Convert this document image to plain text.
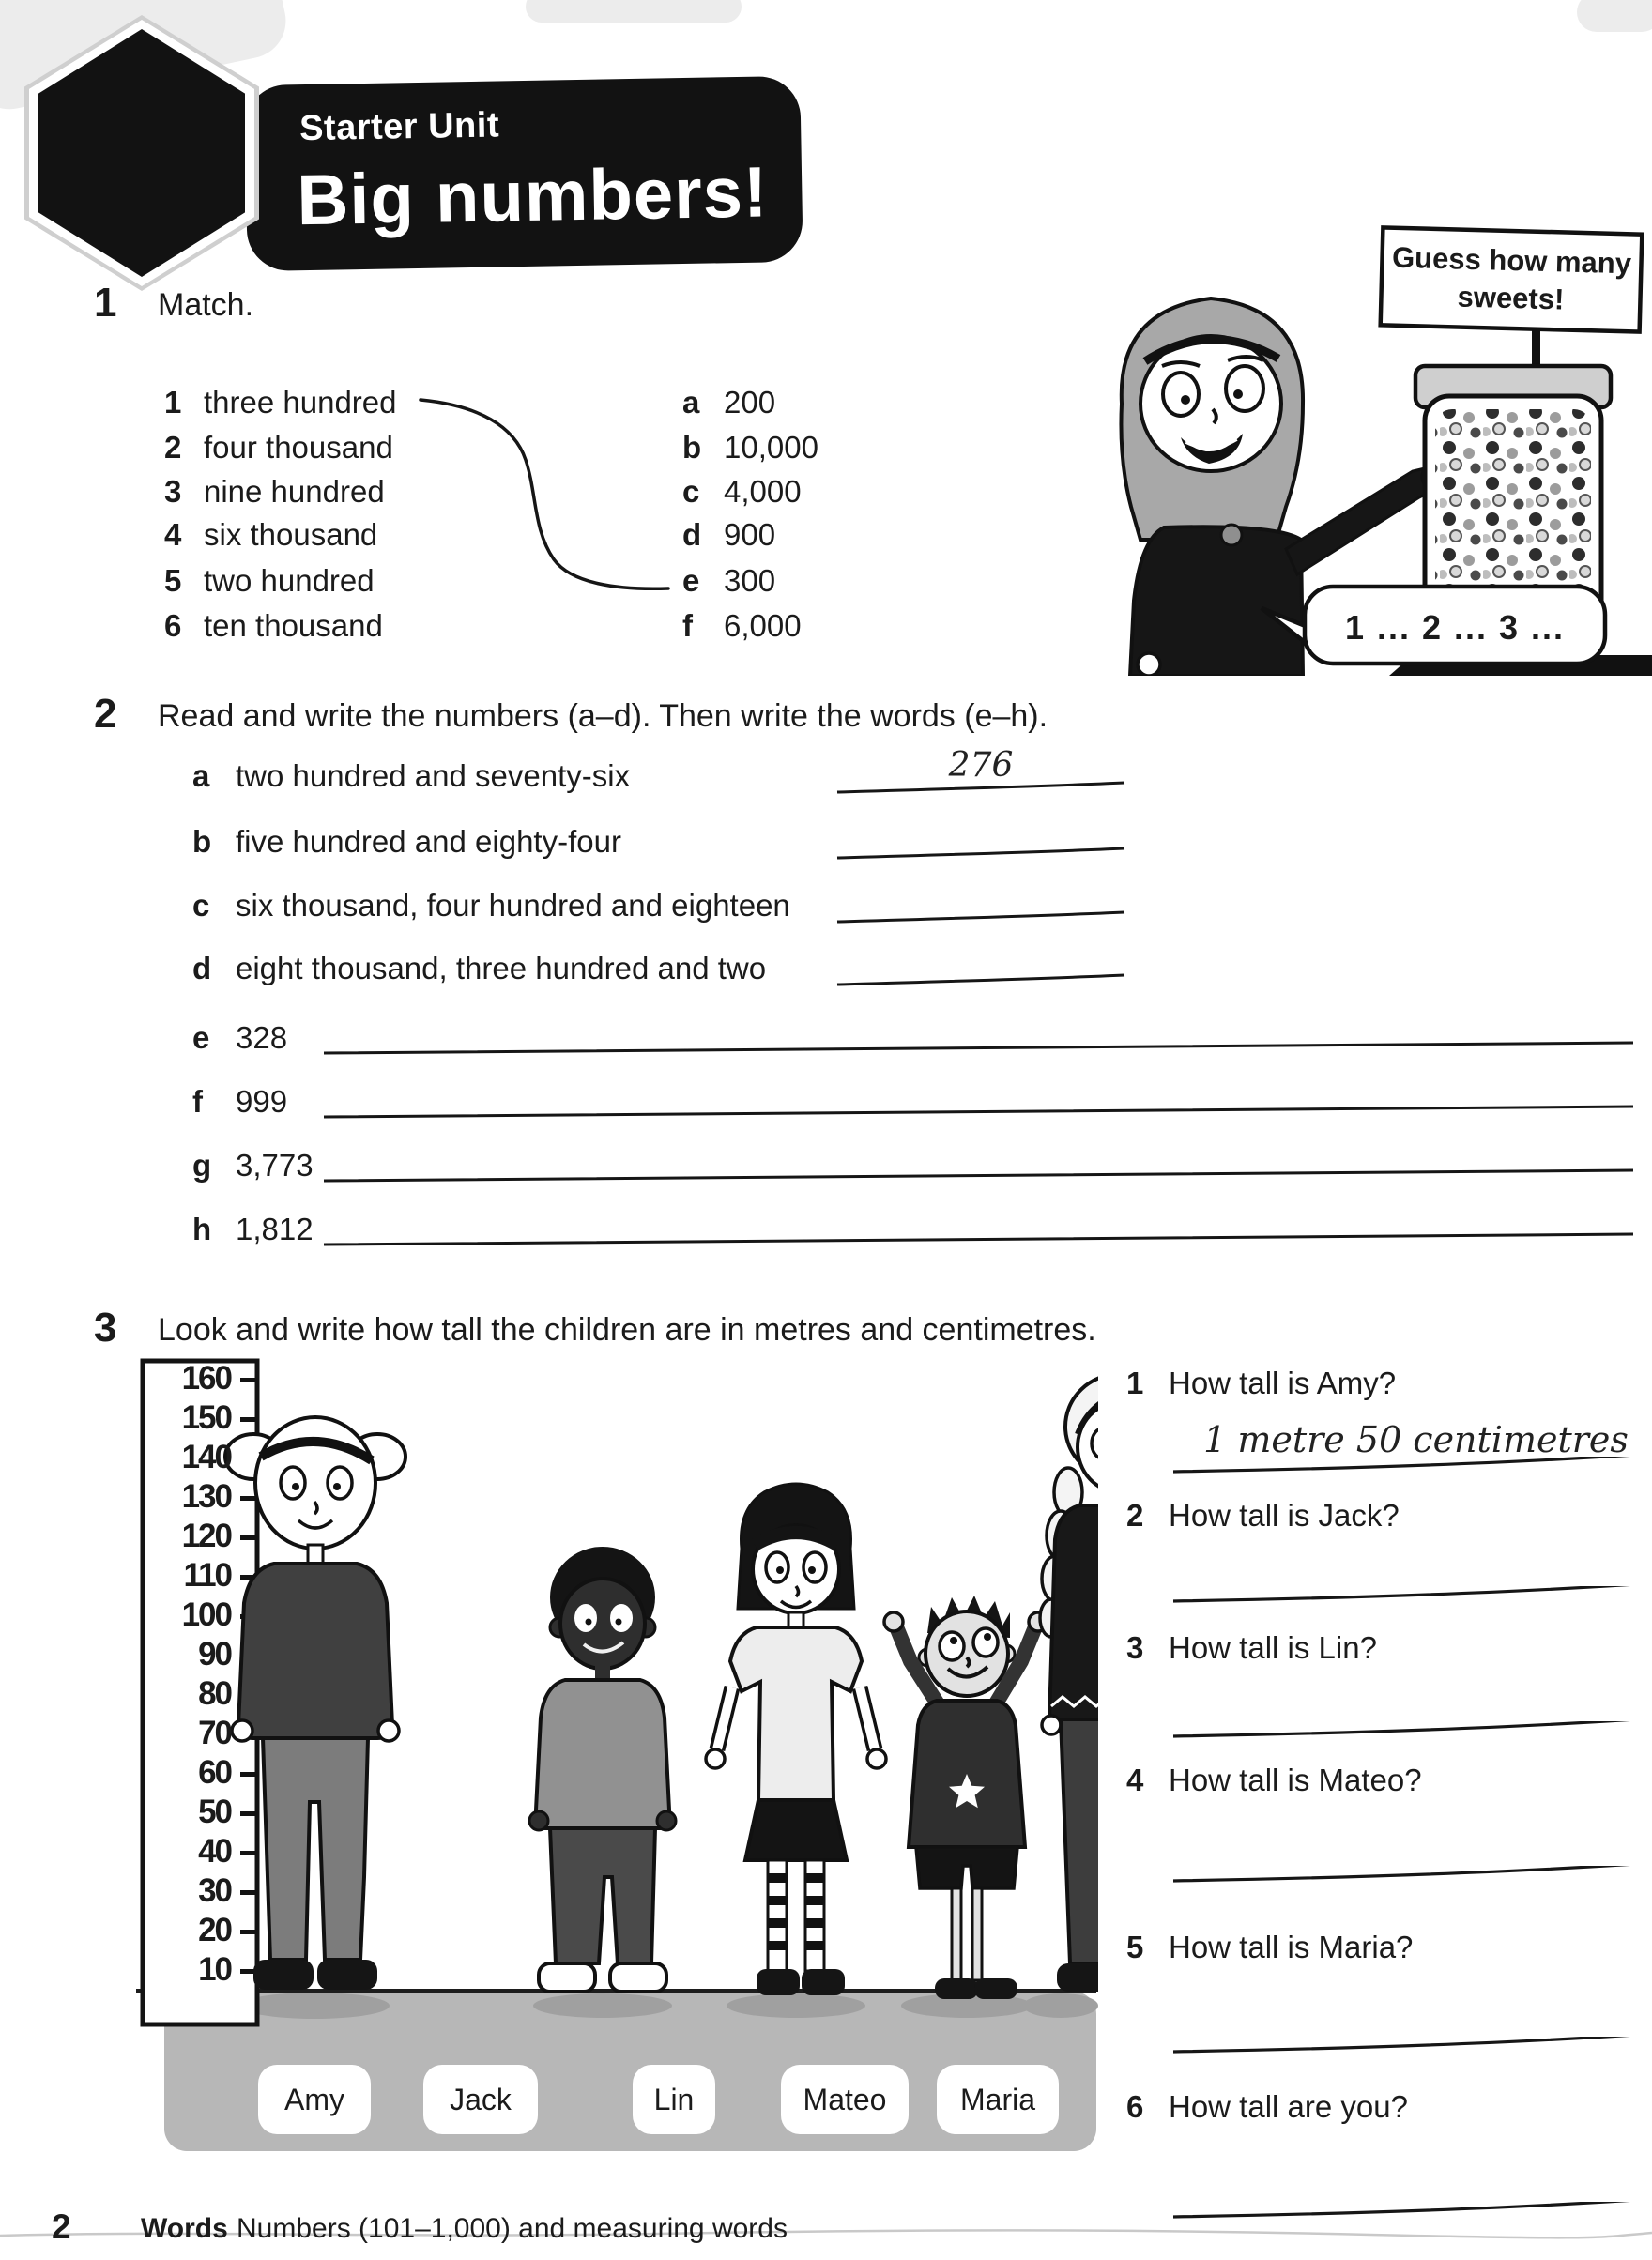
Starter Unit
Big numbers!
Guess how many
sweets!
1 ... 2 ... 3 ...
1 Match.
1 three hundred
2 four thousand
3 nine hundred
4 six thousand
5 two hundred
6 ten thousand
a 200
b 10,000
c 4,000
d 900
e 300
f 6,000
2 Read and write the numbers (a–d). Then write the words (e–h).
a two hundred and seventy-six
b five hundred and eighty-four
c six thousand, four hundred and eighteen
d eight thousand, three hundred and two
276
e 328
f 999
g 3,773
h 1,812
3 Look and write how tall the children are in metres and centimetres.
160
150
140
130
120
110
100
90
80
70
60
50
40
30
20
10
Amy	Jack	Lin	Mateo	Maria
1 How tall is Amy?
1 metre 50 centimetres
2 How tall is Jack?
3 How tall is Lin?
4 How tall is Mateo?
5 How tall is Maria?
6 How tall are you?
2 Words Numbers (101–1,000) and measuring words
